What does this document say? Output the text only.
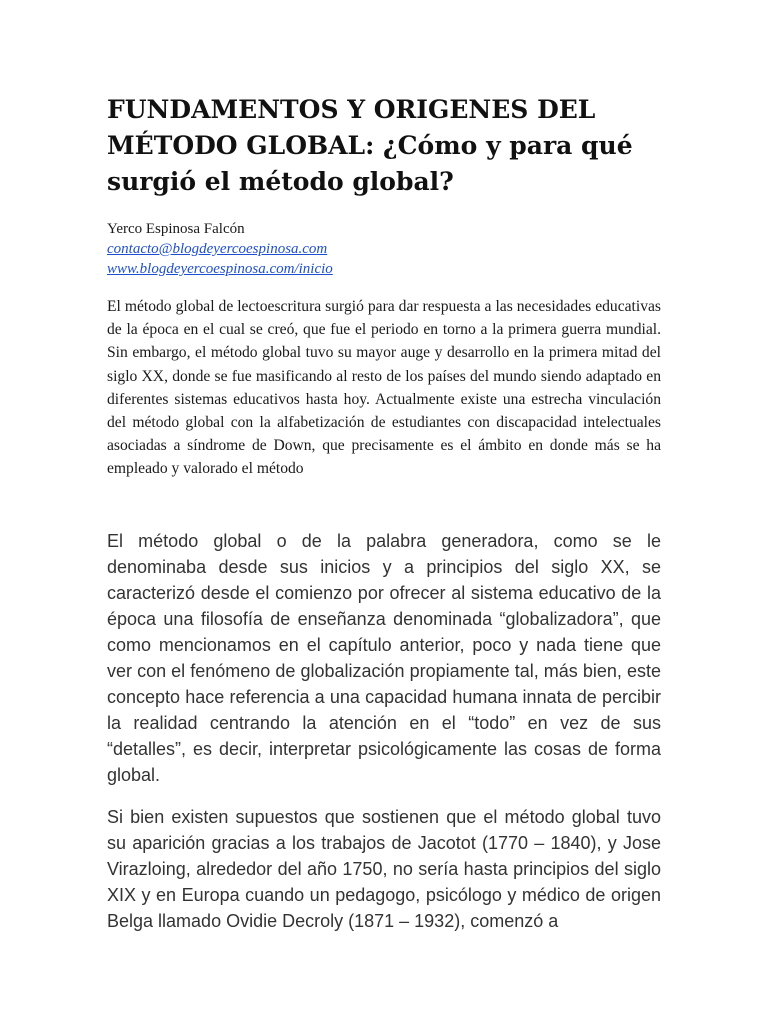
FUNDAMENTOS Y ORIGENES DEL MÉTODO GLOBAL: ¿Cómo y para qué surgió el método global?
Yerco Espinosa Falcón
contacto@blogdeyercoespinosa.com
www.blogdeyercoespinosa.com/inicio

El método global de lectoescritura surgió para dar respuesta a las necesidades educativas de la época en el cual se creó, que fue el periodo en torno a la primera guerra mundial. Sin embargo, el método global tuvo su mayor auge y desarrollo en la primera mitad del siglo XX, donde se fue masificando al resto de los países del mundo siendo adaptado en diferentes sistemas educativos hasta hoy. Actualmente existe una estrecha vinculación del método global con la alfabetización de estudiantes con discapacidad intelectuales asociadas a síndrome de Down, que precisamente es el ámbito en donde más se ha empleado y valorado el método

El método global o de la palabra generadora, como se le denominaba desde sus inicios y a principios del siglo XX, se caracterizó desde el comienzo por ofrecer al sistema educativo de la época una filosofía de enseñanza denominada “globalizadora”, que como mencionamos en el capítulo anterior, poco y nada tiene que ver con el fenómeno de globalización propiamente tal, más bien, este concepto hace referencia a una capacidad humana innata de percibir la realidad centrando la atención en el “todo” en vez de sus “detalles”, es decir, interpretar psicológicamente las cosas de forma global.

Si bien existen supuestos que sostienen que el método global tuvo su aparición gracias a los trabajos de Jacotot (1770 – 1840), y Jose Virazloing, alrededor del año 1750, no sería hasta principios del siglo XIX y en Europa cuando un pedagogo, psicólogo y médico de origen Belga llamado Ovidie Decroly (1871 – 1932), comenzó a
